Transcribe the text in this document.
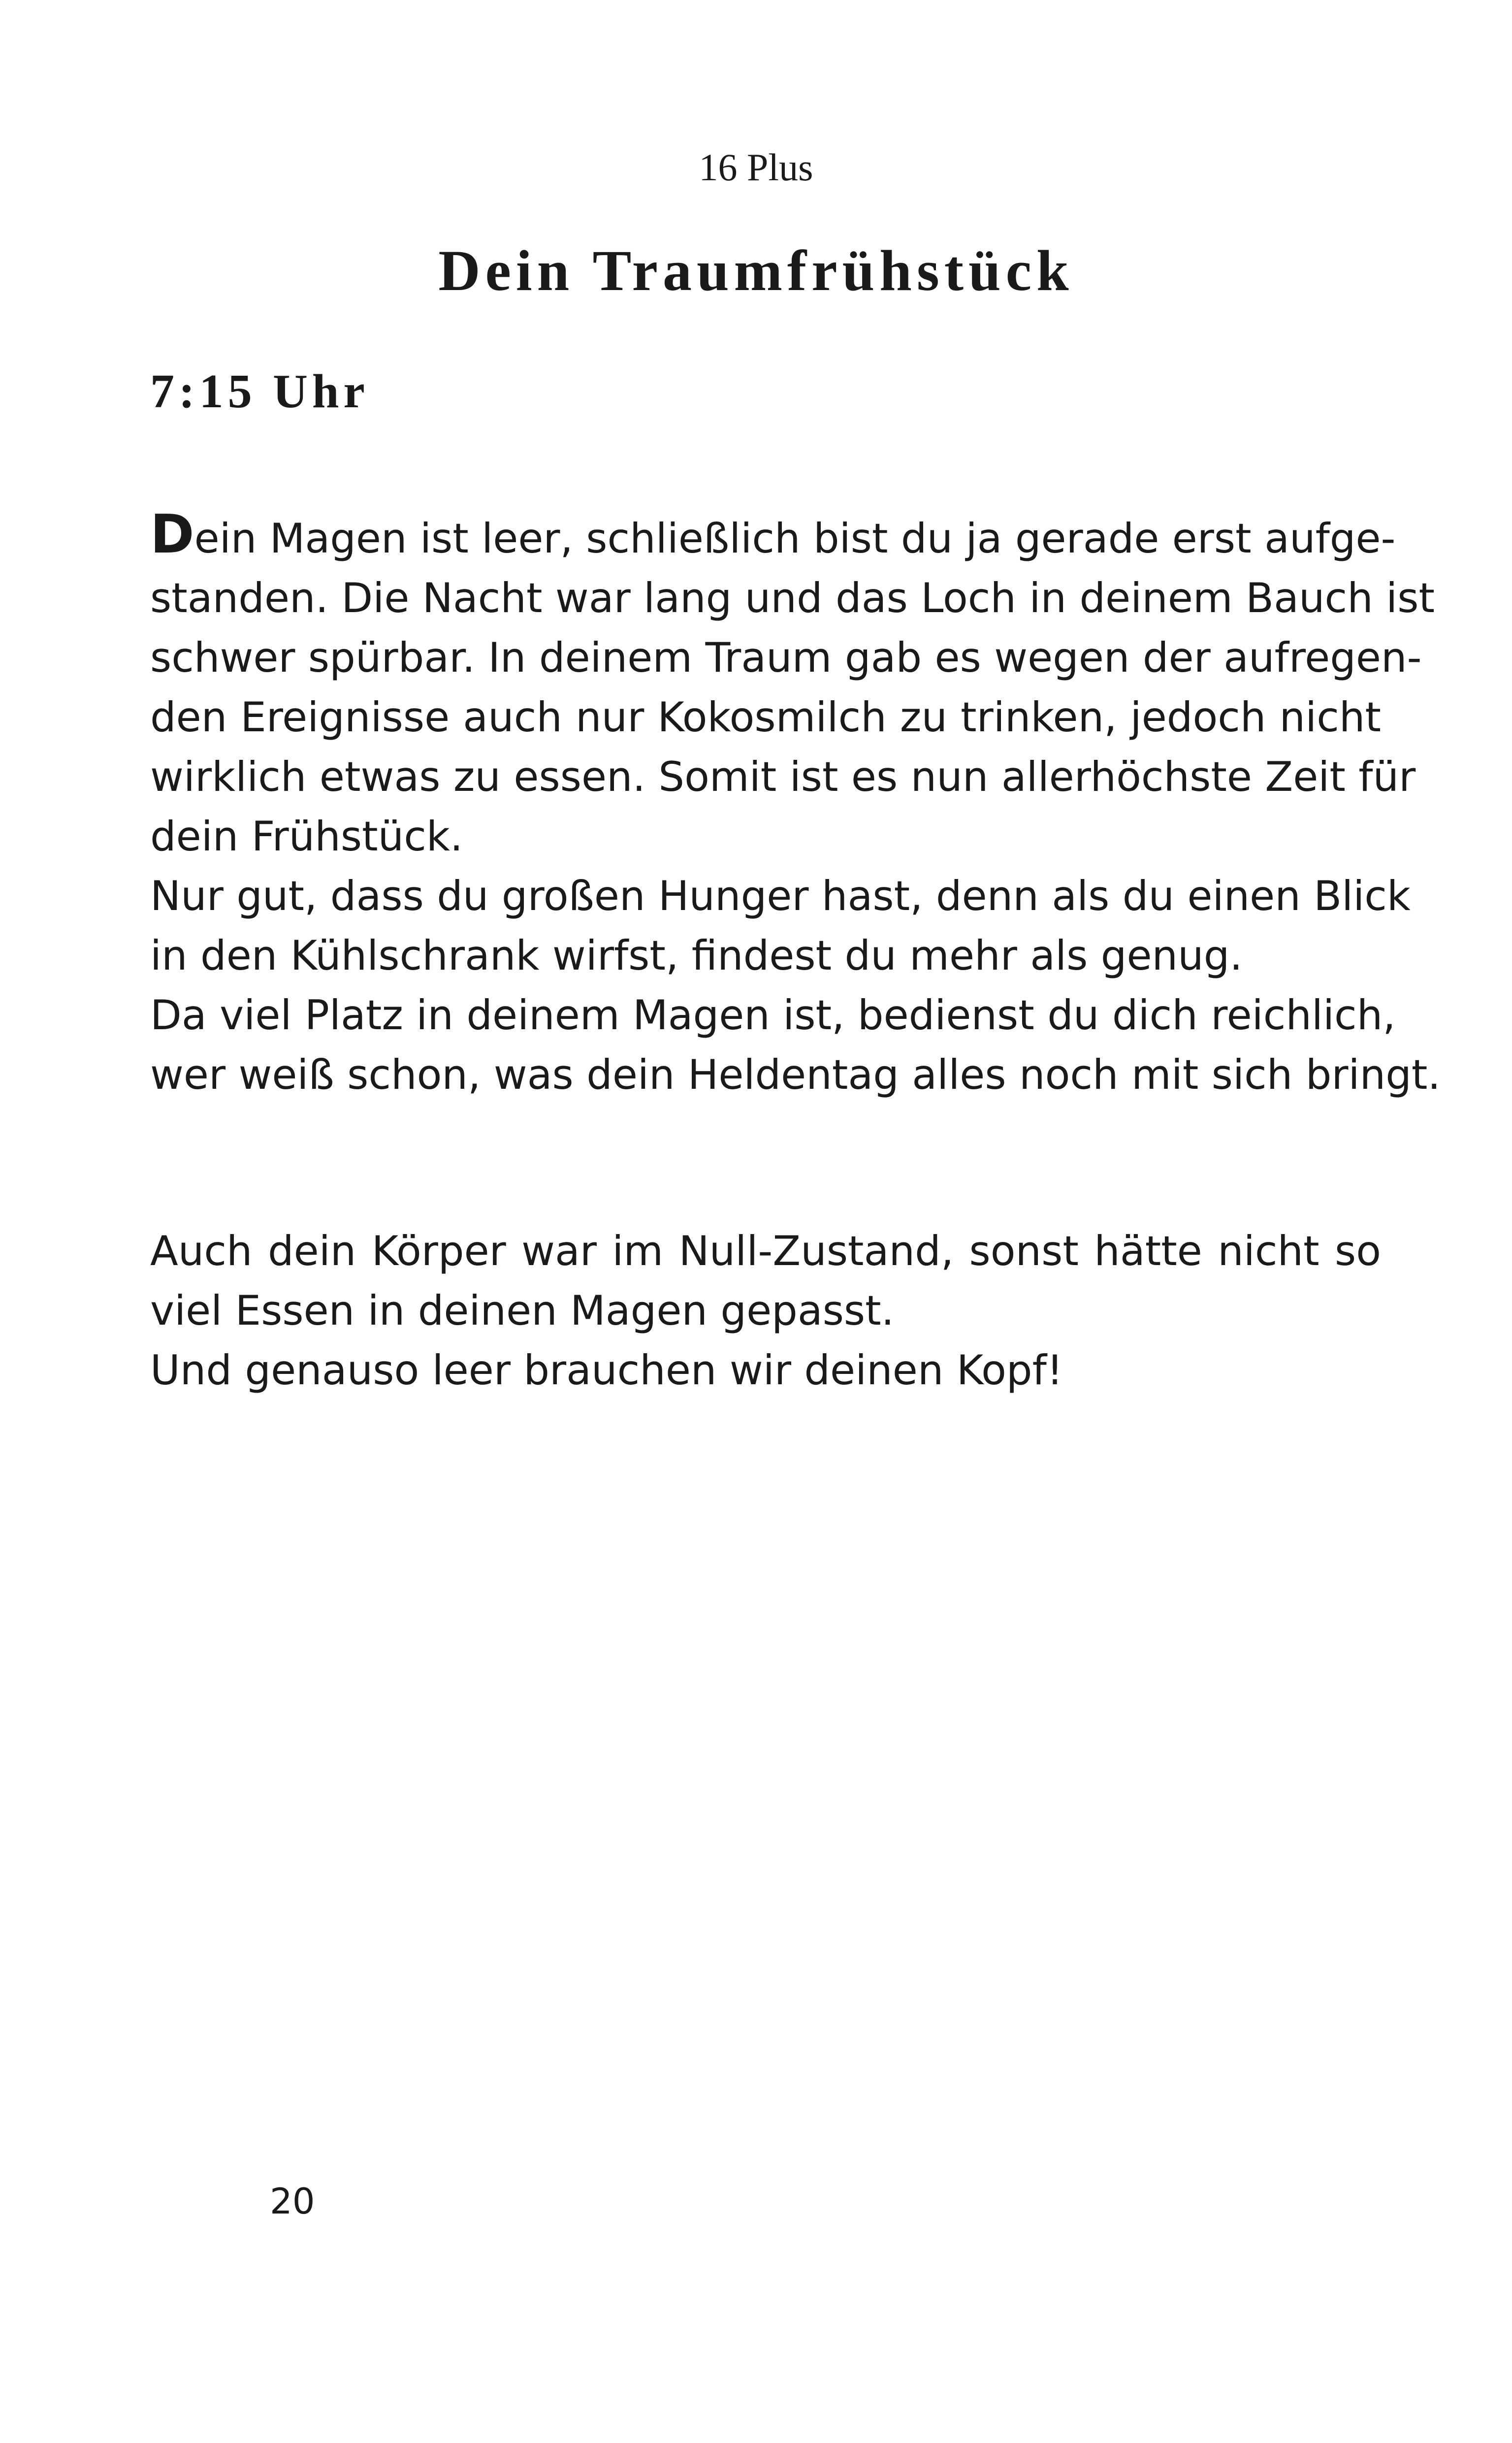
16 Plus
Dein Traumfrühstück
7:15 Uhr
Dein Magen ist leer, schließlich bist du ja gerade erst aufge-
standen. Die Nacht war lang und das Loch in deinem Bauch ist
schwer spürbar. In deinem Traum gab es wegen der aufregen-
den Ereignisse auch nur Kokosmilch zu trinken, jedoch nicht
wirklich etwas zu essen. Somit ist es nun allerhöchste Zeit für
dein Frühstück.
Nur gut, dass du großen Hunger hast, denn als du einen Blick
in den Kühlschrank wirfst, findest du mehr als genug.
Da viel Platz in deinem Magen ist, bedienst du dich reichlich,
wer weiß schon, was dein Heldentag alles noch mit sich bringt.
Auch dein Körper war im Null-Zustand, sonst hätte nicht so
viel Essen in deinen Magen gepasst.
Und genauso leer brauchen wir deinen Kopf!
20
